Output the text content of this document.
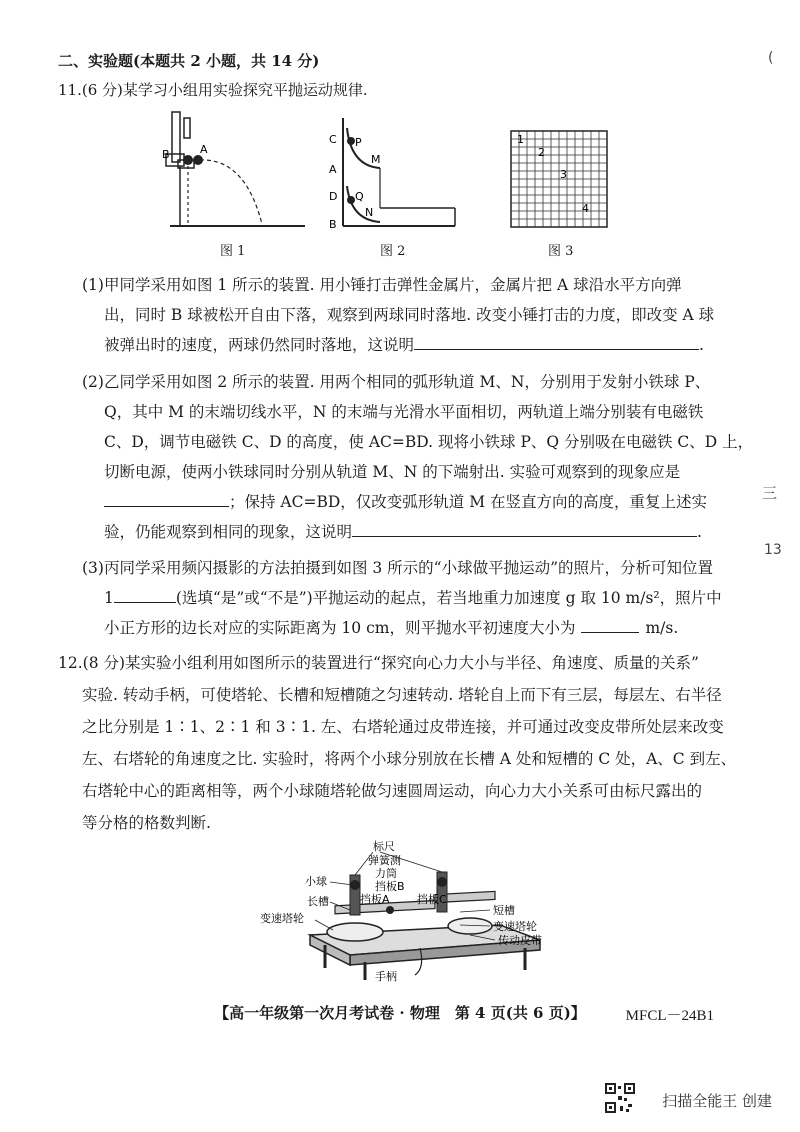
二、实验题(本题共 2 小题，共 14 分)
11.(6 分)某学习小组用实验探究平抛运动规律.
B	A
图 1
C P
M
A
D Q
N
B
图 2
1
2
3
4
图 3
(1)甲同学采用如图 1 所示的装置. 用小锤打击弹性金属片，金属片把 A 球沿水平方向弹
出，同时 B 球被松开自由下落，观察到两球同时落地. 改变小锤打击的力度，即改变 A 球
被弹出时的速度，两球仍然同时落地，这说明	.
(2)乙同学采用如图 2 所示的装置. 用两个相同的弧形轨道 M、N，分别用于发射小铁球 P、
Q，其中 M 的末端切线水平，N 的末端与光滑水平面相切，两轨道上端分别装有电磁铁
C、D，调节电磁铁 C、D 的高度，使 AC=BD. 现将小铁球 P、Q 分别吸在电磁铁 C、D 上，
切断电源，使两小铁球同时分别从轨道 M、N 的下端射出. 实验可观察到的现象应是
；保持 AC=BD，仅改变弧形轨道 M 在竖直方向的高度，重复上述实
验，仍能观察到相同的现象，这说明	.
(3)丙同学采用频闪摄影的方法拍摄到如图 3 所示的“小球做平抛运动”的照片，分析可知位置
1	(选填“是”或“不是”)平抛运动的起点，若当地重力加速度 g 取 10 m/s²，照片中
小正方形的边长对应的实际距离为 10 cm，则平抛水平初速度大小为	m/s.
12.(8 分)某实验小组利用如图所示的装置进行“探究向心力大小与半径、角速度、质量的关系”
实验. 转动手柄，可使塔轮、长槽和短槽随之匀速转动. 塔轮自上而下有三层，每层左、右半径
之比分别是 1∶1、2∶1 和 3∶1. 左、右塔轮通过皮带连接，并可通过改变皮带所处层来改变
左、右塔轮的角速度之比. 实验时，将两个小球分别放在长槽 A 处和短槽的 C 处，A、C 到左、
右塔轮中心的距离相等，两个小球随塔轮做匀速圆周运动，向心力大小关系可由标尺露出的
等分格的格数判断.
标尺
弹簧测
力筒
小球	挡板B
长槽	挡板A 挡板C
变速塔轮
短槽
变速塔轮
传动皮带
手柄
【高一年级第一次月考试卷 · 物理　第 4 页(共 6 页)】	MFCL－24B1
扫描全能王 创建
(
三
13
